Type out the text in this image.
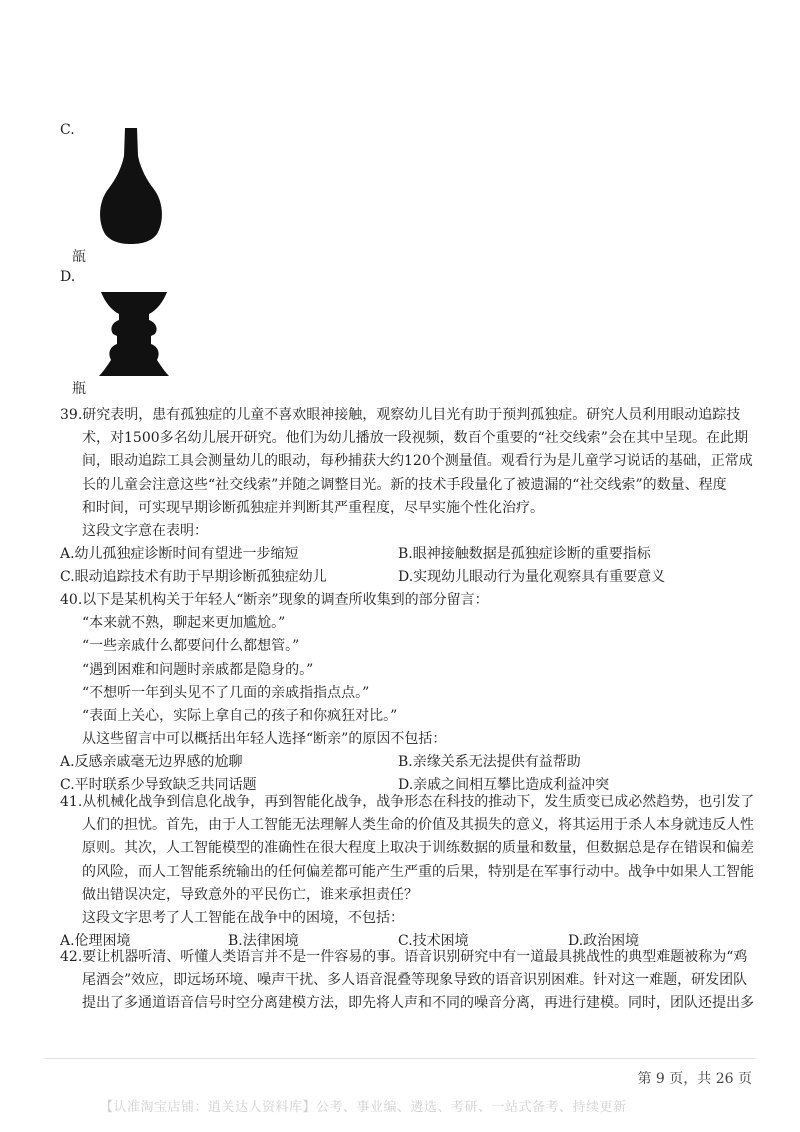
C.
瓿
D.
瓶
39.研究表明，患有孤独症的儿童不喜欢眼神接触，观察幼儿目光有助于预判孤独症。研究人员利用眼动追踪技
术，对1500多名幼儿展开研究。他们为幼儿播放一段视频，数百个重要的“社交线索”会在其中呈现。在此期
间，眼动追踪工具会测量幼儿的眼动，每秒捕获大约120个测量值。观看行为是儿童学习说话的基础，正常成
长的儿童会注意这些“社交线索”并随之调整目光。新的技术手段量化了被遗漏的“社交线索”的数量、程度
和时间，可实现早期诊断孤独症并判断其严重程度，尽早实施个性化治疗。
这段文字意在表明：
A.幼儿孤独症诊断时间有望进一步缩短	B.眼神接触数据是孤独症诊断的重要指标
C.眼动追踪技术有助于早期诊断孤独症幼儿	D.实现幼儿眼动行为量化观察具有重要意义
40.以下是某机构关于年轻人“断亲”现象的调查所收集到的部分留言：
“本来就不熟，聊起来更加尴尬。”
“一些亲戚什么都要问什么都想管。”
“遇到困难和问题时亲戚都是隐身的。”
“不想听一年到头见不了几面的亲戚指指点点。”
“表面上关心，实际上拿自己的孩子和你疯狂对比。”
从这些留言中可以概括出年轻人选择“断亲”的原因不包括：
A.反感亲戚毫无边界感的尬聊	B.亲缘关系无法提供有益帮助
C.平时联系少导致缺乏共同话题	D.亲戚之间相互攀比造成利益冲突
41.从机械化战争到信息化战争，再到智能化战争，战争形态在科技的推动下，发生质变已成必然趋势，也引发了
人们的担忧。首先，由于人工智能无法理解人类生命的价值及其损失的意义，将其运用于杀人本身就违反人性
原则。其次，人工智能模型的准确性在很大程度上取决于训练数据的质量和数量，但数据总是存在错误和偏差
的风险，而人工智能系统输出的任何偏差都可能产生严重的后果，特别是在军事行动中。战争中如果人工智能
做出错误决定，导致意外的平民伤亡，谁来承担责任？
这段文字思考了人工智能在战争中的困境，不包括：
A.伦理困境	B.法律困境	C.技术困境	D.政治困境
42.要让机器听清、听懂人类语言并不是一件容易的事。语音识别研究中有一道最具挑战性的典型难题被称为“鸡
尾酒会”效应，即远场环境、噪声干扰、多人语音混叠等现象导致的语音识别困难。针对这一难题，研发团队
提出了多通道语音信号时空分离建模方法，即先将人声和不同的噪音分离，再进行建模。同时，团队还提出多
第 9 页，共 26 页
【认准淘宝店铺：逍关达人资料库】公考、事业编、遴选、考研、一站式备考、持续更新
